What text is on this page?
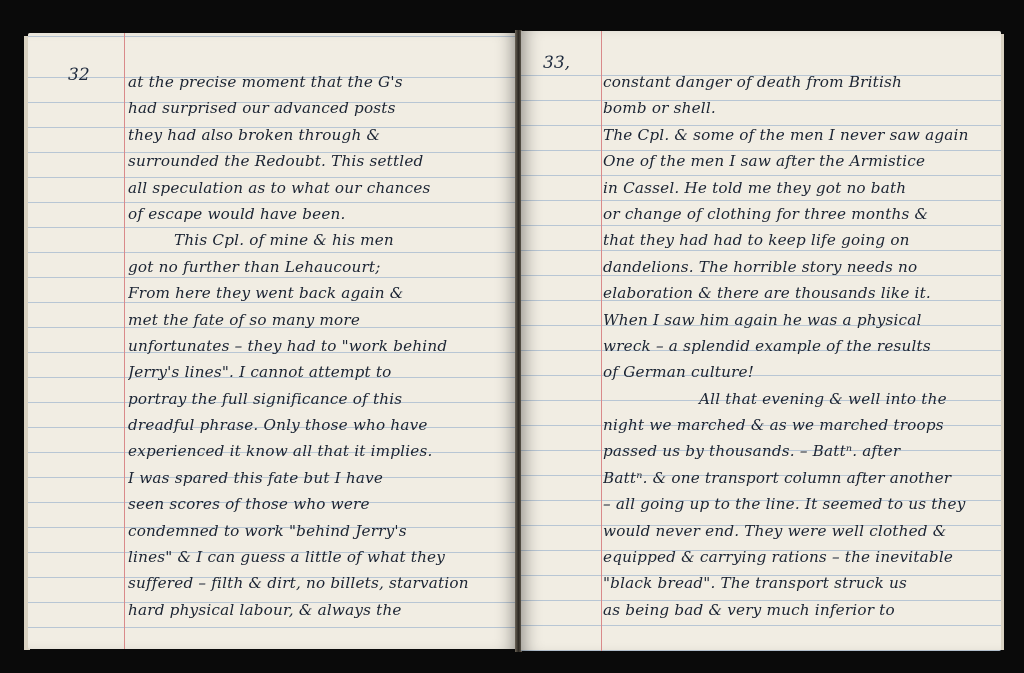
32	at the precise moment that the G's
had surprised our advanced posts
they had also broken through &
surrounded the Redoubt. This settled
all speculation as to what our chances
of escape would have been.
This Cpl. of mine & his men
got no further than Lehaucourt;
From here they went back again &
met the fate of so many more
unfortunates – they had to "work behind
Jerry's lines". I cannot attempt to
portray the full significance of this
dreadful phrase. Only those who have
experienced it know all that it implies.
I was spared this fate but I have
seen scores of those who were
condemned to work "behind Jerry's
lines" & I can guess a little of what they
suffered – filth & dirt, no billets, starvation
hard physical labour, & always the
33,
constant danger of death from British
bomb or shell.
The Cpl. & some of the men I never saw again
One of the men I saw after the Armistice
in Cassel. He told me they got no bath
or change of clothing for three months &
that they had had to keep life going on
dandelions. The horrible story needs no
elaboration & there are thousands like it.
When I saw him again he was a physical
wreck – a splendid example of the results
of German culture!
All that evening & well into the
night we marched & as we marched troops
passed us by thousands. – Battⁿ. after
Battⁿ. & one transport column after another
– all going up to the line. It seemed to us they
would never end. They were well clothed &
equipped & carrying rations – the inevitable
"black bread". The transport struck us
as being bad & very much inferior to
